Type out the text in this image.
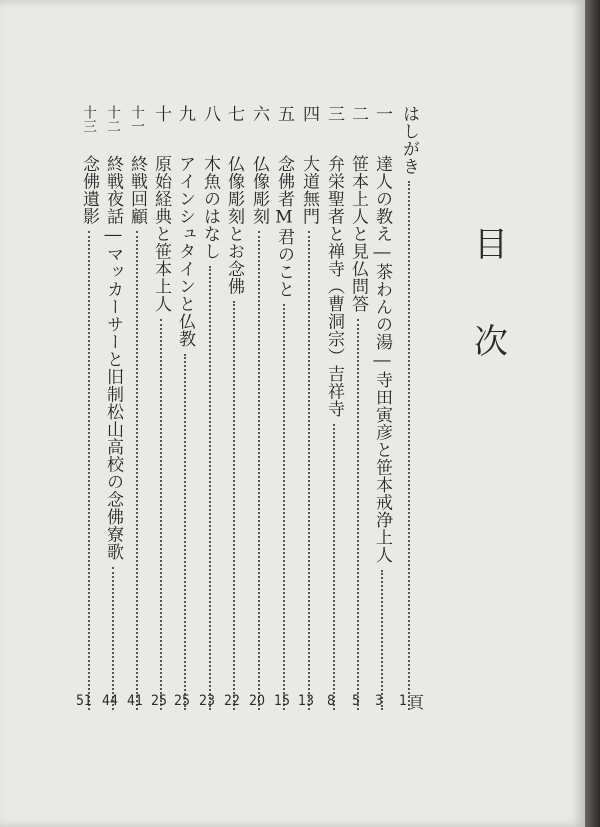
目
次
頁
はしがき
1
一
達人の教え―茶わんの湯―寺田寅彦と笹本戒浄上人
3
二
笹本上人と見仏問答
5
三
弁栄聖者と禅寺（曹洞宗）吉祥寺
8
四
大道無門
13
五
念佛者M君のこと
15
六
仏像彫刻
20
七
仏像彫刻とお念佛
22
八
木魚のはなし
23
九
アインシュタインと仏教
25
十
原始経典と笹本上人
25
十一
終戦回顧
41
十二
終戦夜話―マッカーサーと旧制松山高校の念佛寮歌
44
十三
念佛遺影
51
